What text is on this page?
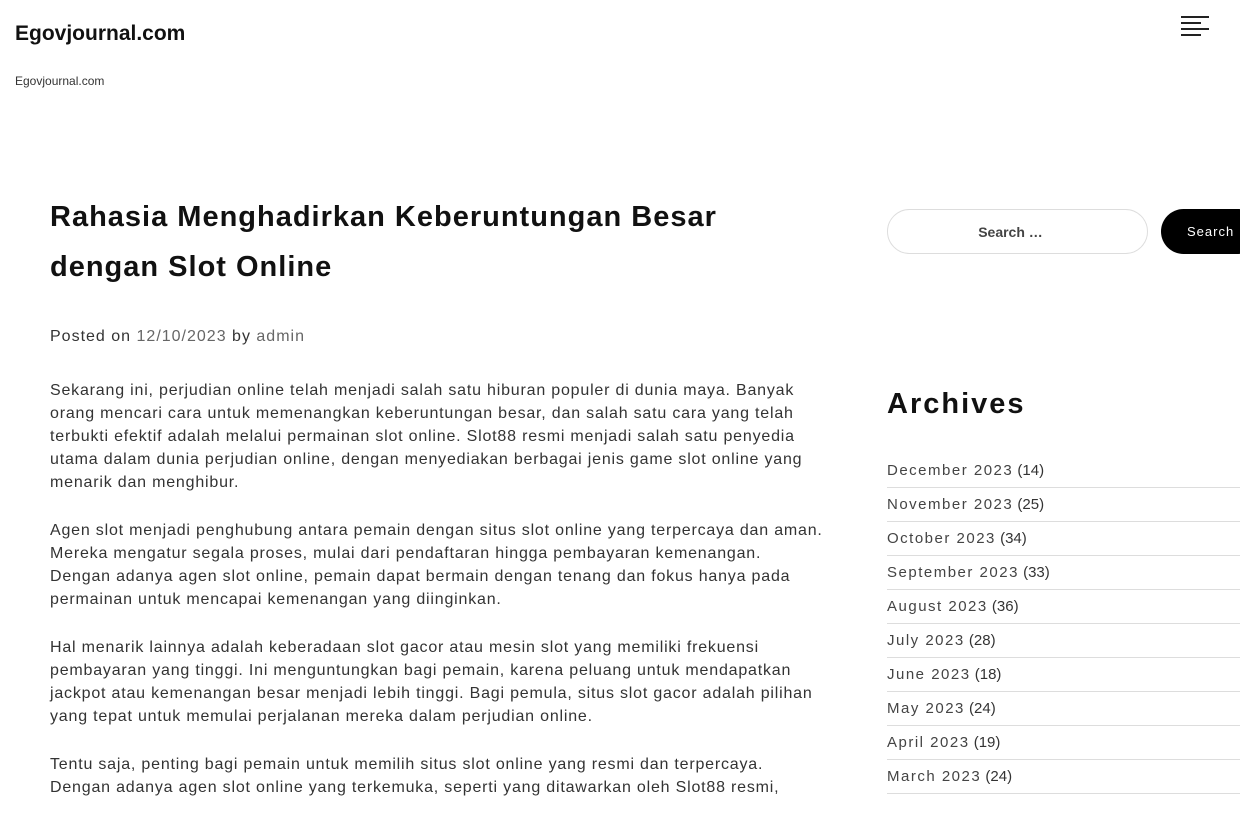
Egovjournal.com

Egovjournal.com

Rahasia Menghadirkan Keberuntungan Besar dengan Slot Online

Posted on 12/10/2023 by admin

Sekarang ini, perjudian online telah menjadi salah satu hiburan populer di dunia maya. Banyak orang mencari cara untuk memenangkan keberuntungan besar, dan salah satu cara yang telah terbukti efektif adalah melalui permainan slot online. Slot88 resmi menjadi salah satu penyedia utama dalam dunia perjudian online, dengan menyediakan berbagai jenis game slot online yang menarik dan menghibur.

Agen slot menjadi penghubung antara pemain dengan situs slot online yang terpercaya dan aman. Mereka mengatur segala proses, mulai dari pendaftaran hingga pembayaran kemenangan. Dengan adanya agen slot online, pemain dapat bermain dengan tenang dan fokus hanya pada permainan untuk mencapai kemenangan yang diinginkan.

Hal menarik lainnya adalah keberadaan slot gacor atau mesin slot yang memiliki frekuensi pembayaran yang tinggi. Ini menguntungkan bagi pemain, karena peluang untuk mendapatkan jackpot atau kemenangan besar menjadi lebih tinggi. Bagi pemula, situs slot gacor adalah pilihan yang tepat untuk memulai perjalanan mereka dalam perjudian online.

Tentu saja, penting bagi pemain untuk memilih situs slot online yang resmi dan terpercaya. Dengan adanya agen slot online yang terkemuka, seperti yang ditawarkan oleh Slot88 resmi,

Search …
Search
Archives
December 2023 (14)
November 2023 (25)
October 2023 (34)
September 2023 (33)
August 2023 (36)
July 2023 (28)
June 2023 (18)
May 2023 (24)
April 2023 (19)
March 2023 (24)
